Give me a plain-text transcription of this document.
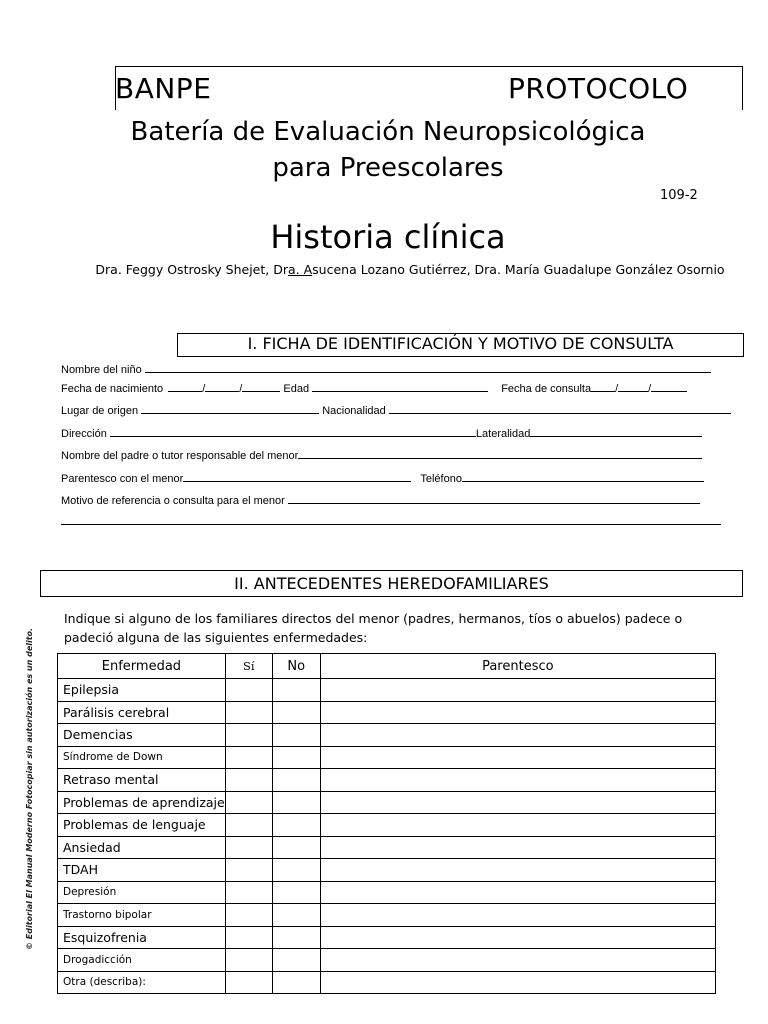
BANPE	PROTOCOLO
Batería de Evaluación Neuropsicológica
para Preescolares
109-2
Historia clínica
Dra. Feggy Ostrosky Shejet, Dra. Asucena Lozano Gutiérrez, Dra. María Guadalupe González Osornio
I. FICHA DE IDENTIFICACIÓN Y MOTIVO DE CONSULTA
Nombre del niño
Fecha de nacimiento	/	/	Edad	Fecha de consulta /	/
Lugar de origen	Nacionalidad
Dirección	Lateralidad
Nombre del padre o tutor responsable del menor
Parentesco con el menor	Teléfono
Motivo de referencia o consulta para el menor
II. ANTECEDENTES HEREDOFAMILIARES
Indique si alguno de los familiares directos del menor (padres, hermanos, tíos o abuelos) padece o padeció alguna de las siguientes enfermedades:
Enfermedad	Sí	No	Parentesco
Epilepsia			
Parálisis cerebral			
Demencias			
Síndrome de Down			
Retraso mental			
Problemas de aprendizaje			
Problemas de lenguaje			
Ansiedad			
TDAH			
Depresión			
Trastorno bipolar			
Esquizofrenia			
Drogadicción			
Otra (describa):			
© Editorial El Manual Moderno Fotocopiar sin autorización es un delito.
